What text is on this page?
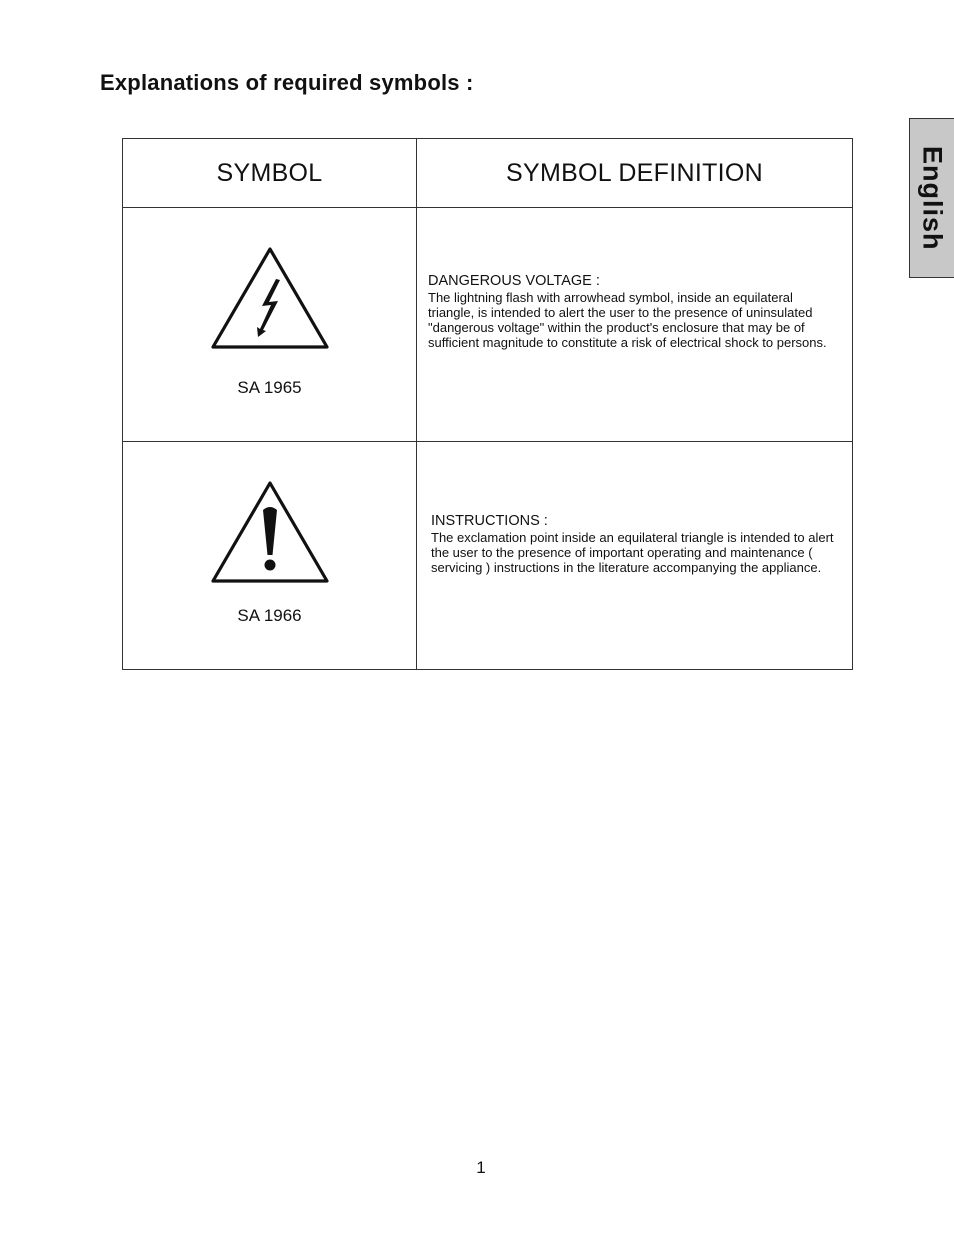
Explanations of required symbols :
English
SYMBOL	SYMBOL DEFINITION

SA 1965	DANGEROUS VOLTAGE :

The lightning flash with arrowhead symbol, inside an equilateral triangle, is intended to alert the user to the presence of uninsulated "dangerous voltage" within the product's enclosure that may be of sufficient magnitude to constitute a risk of electrical shock to persons.

SA 1966	INSTRUCTIONS :

The exclamation point inside an equilateral triangle is intended to alert the user to the presence of important operating and maintenance ( servicing ) instructions in the literature accompanying the appliance.

1
